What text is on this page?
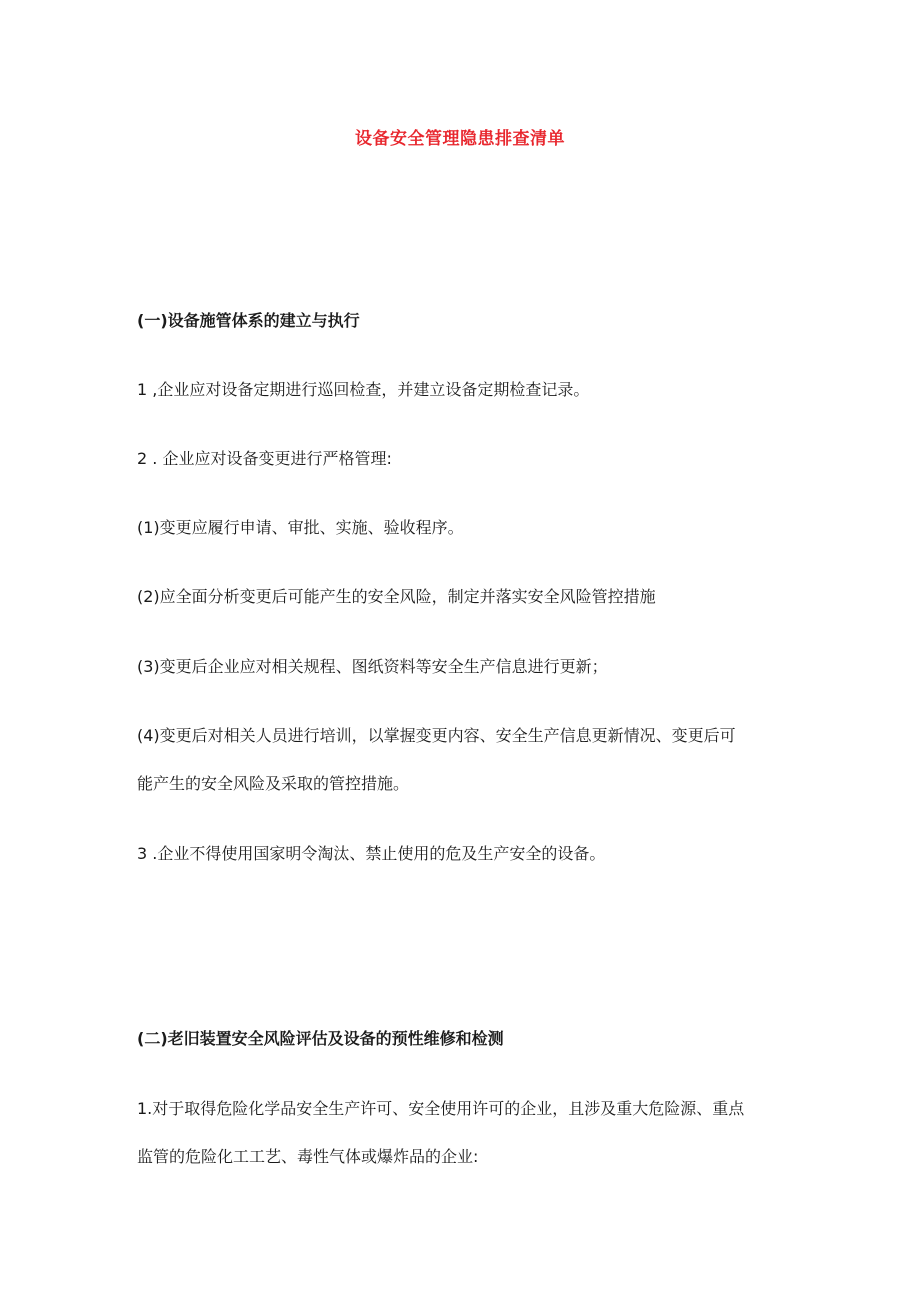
设备安全管理隐患排查清单
(一)设备施管体系的建立与执行
1 ,企业应对设备定期进行巡回检查，并建立设备定期检查记录。
2 . 企业应对设备变更进行严格管理:
(1)变更应履行申请、审批、实施、验收程序。
(2)应全面分析变更后可能产生的安全风险，制定并落实安全风险管控措施
(3)变更后企业应对相关规程、图纸资料等安全生产信息进行更新；
(4)变更后对相关人员进行培训，以掌握变更内容、安全生产信息更新情况、变更后可
能产生的安全风险及采取的管控措施。
3 .企业不得使用国家明令淘汰、禁止使用的危及生产安全的设备。
(二)老旧装置安全风险评估及设备的预性维修和检测
1.对于取得危险化学品安全生产许可、安全使用许可的企业，且涉及重大危险源、重点
监管的危险化工工艺、毒性气体或爆炸品的企业:
